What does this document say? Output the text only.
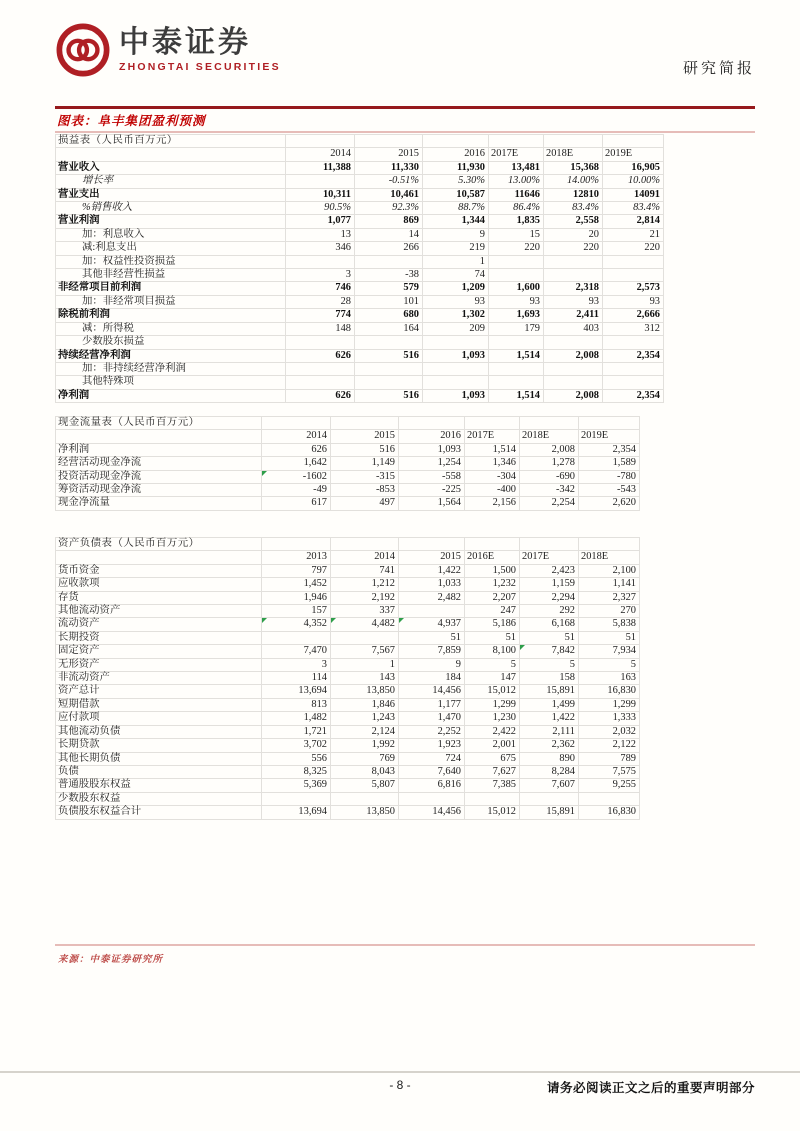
中泰证券
ZHONGTAI SECURITIES	研究简报
图表：阜丰集团盈利预测
损益表（人民币百万元）						
	2014	2015	2016	2017E	2018E	2019E
营业收入	11,388	11,330	11,930	13,481	15,368	16,905
增长率		-0.51%	5.30%	13.00%	14.00%	10.00%
营业支出	10,311	10,461	10,587	11646	12810	14091
%销售收入	90.5%	92.3%	88.7%	86.4%	83.4%	83.4%
营业利润	1,077	869	1,344	1,835	2,558	2,814
加：利息收入	13	14	9	15	20	21
减:利息支出	346	266	219	220	220	220
加：权益性投资损益			1			
其他非经营性损益	3	-38	74			
非经常项目前利润	746	579	1,209	1,600	2,318	2,573
加：非经常项目损益	28	101	93	93	93	93
除税前利润	774	680	1,302	1,693	2,411	2,666
减：所得税	148	164	209	179	403	312
少数股东损益						
持续经营净利润	626	516	1,093	1,514	2,008	2,354
加：非持续经营净利润						
其他特殊项						
净利润	626	516	1,093	1,514	2,008	2,354
现金流量表（人民币百万元）						
	2014	2015	2016	2017E	2018E	2019E
净利润	626	516	1,093	1,514	2,008	2,354
经营活动现金净流	1,642	1,149	1,254	1,346	1,278	1,589
投资活动现金净流	-1602	-315	-558	-304	-690	-780
筹资活动现金净流	-49	-853	-225	-400	-342	-543
现金净流量	617	497	1,564	2,156	2,254	2,620
资产负债表（人民币百万元）						
	2013	2014	2015	2016E	2017E	2018E
货币资金	797	741	1,422	1,500	2,423	2,100
应收款项	1,452	1,212	1,033	1,232	1,159	1,141
存货	1,946	2,192	2,482	2,207	2,294	2,327
其他流动资产	157	337		247	292	270
流动资产	4,352	4,482	4,937	5,186	6,168	5,838
长期投资			51	51	51	51
固定资产	7,470	7,567	7,859	8,100	7,842	7,934
无形资产	3	1	9	5	5	5
非流动资产	114	143	184	147	158	163
资产总计	13,694	13,850	14,456	15,012	15,891	16,830
短期借款	813	1,846	1,177	1,299	1,499	1,299
应付款项	1,482	1,243	1,470	1,230	1,422	1,333
其他流动负债	1,721	2,124	2,252	2,422	2,111	2,032
长期贷款	3,702	1,992	1,923	2,001	2,362	2,122
其他长期负债	556	769	724	675	890	789
负债	8,325	8,043	7,640	7,627	8,284	7,575
普通股股东权益	5,369	5,807	6,816	7,385	7,607	9,255
少数股东权益						
负债股东权益合计	13,694	13,850	14,456	15,012	15,891	16,830
来源：中泰证券研究所
- 8 -	请务必阅读正文之后的重要声明部分
